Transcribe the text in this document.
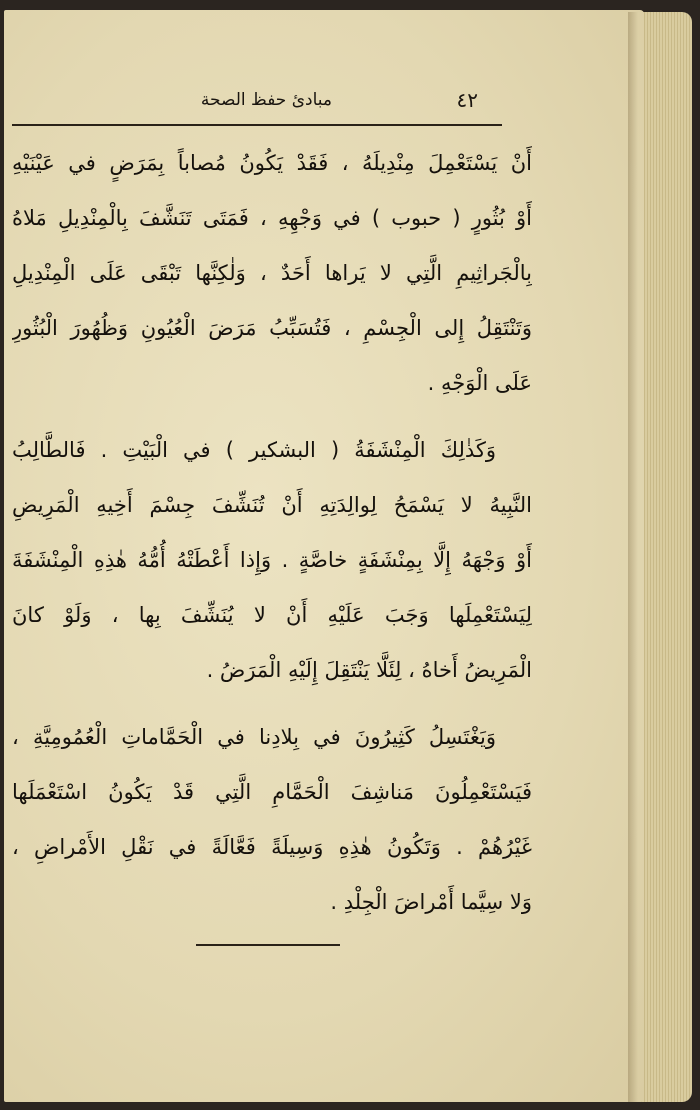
٤٢
مبادئ حفظ الصحة
أَنْ يَسْتَعْمِلَ مِنْدِيلَهُ ، فَقَدْ يَكُونُ مُصاباً بِمَرَضٍ في عَيْنَيْهِ
أَوْ بُثُورٍ ( حبوب ) في وَجْهِهِ ، فَمَتَى تَنَشَّفَ بِالْمِنْدِيلِ مَلاهُ
بِالْجَراثِيمِ الَّتِي لا يَراها أَحَدٌ ، وَلٰكِنَّها تَبْقَى عَلَى الْمِنْدِيلِ
وَتَنْتَقِلُ إِلى الْجِسْمِ ، فَتُسَبِّبُ مَرَضَ الْعُيُونِ وَظُهُورَ الْبُثُورِ
عَلَى الْوَجْهِ .
وَكَذٰلِكَ الْمِنْشَفَةُ ( البشكير ) في الْبَيْتِ . فَالطَّالِبُ
النَّبِيهُ لا يَسْمَحُ لِوالِدَتِهِ أَنْ تُنَشِّفَ جِسْمَ أَخِيهِ الْمَرِيضِ
أَوْ وَجْهَهُ إِلَّا بِمِنْشَفَةٍ خاصَّةٍ . وَإِذا أَعْطَتْهُ أُمُّهُ هٰذِهِ الْمِنْشَفَةَ
لِيَسْتَعْمِلَها وَجَبَ عَلَيْهِ أَنْ لا يُنَشِّفَ بِها ، وَلَوْ كانَ
الْمَرِيضُ أَخاهُ ، لِئَلَّا يَنْتَقِلَ إِلَيْهِ الْمَرَضُ .
وَيَغْتَسِلُ كَثِيرُونَ في بِلادِنا في الْحَمَّاماتِ الْعُمُومِيَّةِ ،
فَيَسْتَعْمِلُونَ مَناشِفَ الْحَمَّامِ الَّتِي قَدْ يَكُونُ اسْتَعْمَلَها
غَيْرُهُمْ . وَتَكُونُ هٰذِهِ وَسِيلَةً فَعَّالَةً في نَقْلِ الأَمْراضِ ،
وَلا سِيَّما أَمْراضَ الْجِلْدِ .
